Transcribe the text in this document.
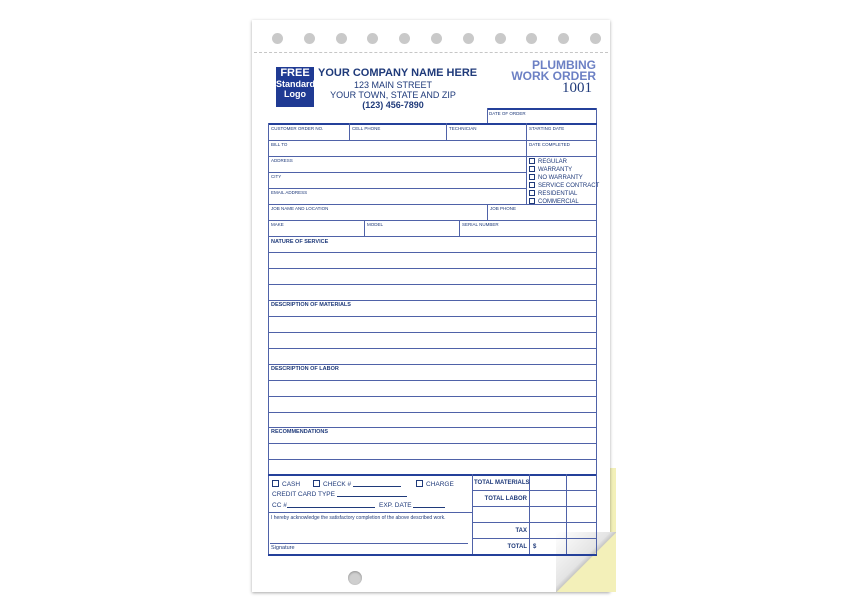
FREE
Standard
Logo
YOUR COMPANY NAME HERE
123 MAIN STREET
YOUR TOWN, STATE AND ZIP
(123) 456-7890
PLUMBING
WORK ORDER
1001
DATE OF ORDER
CUSTOMER ORDER NO.	CELL PHONE	TECHNICIAN	STARTING DATE
BILL TO	DATE COMPLETED
ADDRESS
CITY
EMAIL ADDRESS
JOB NAME AND LOCATION	JOB PHONE
MAKE	MODEL	SERIAL NUMBER
REGULAR
WARRANTY
NO WARRANTY
SERVICE CONTRACT
RESIDENTIAL
COMMERCIAL
NATURE OF SERVICE
DESCRIPTION OF MATERIALS
DESCRIPTION OF LABOR
RECOMMENDATIONS
CASH	CHECK #	CHARGE
CREDIT CARD TYPE
CC #	EXP. DATE
I hereby acknowledge the satisfactory completion of the above described work.
Signature
TOTAL MATERIALS
TOTAL LABOR
TAX
TOTAL $
